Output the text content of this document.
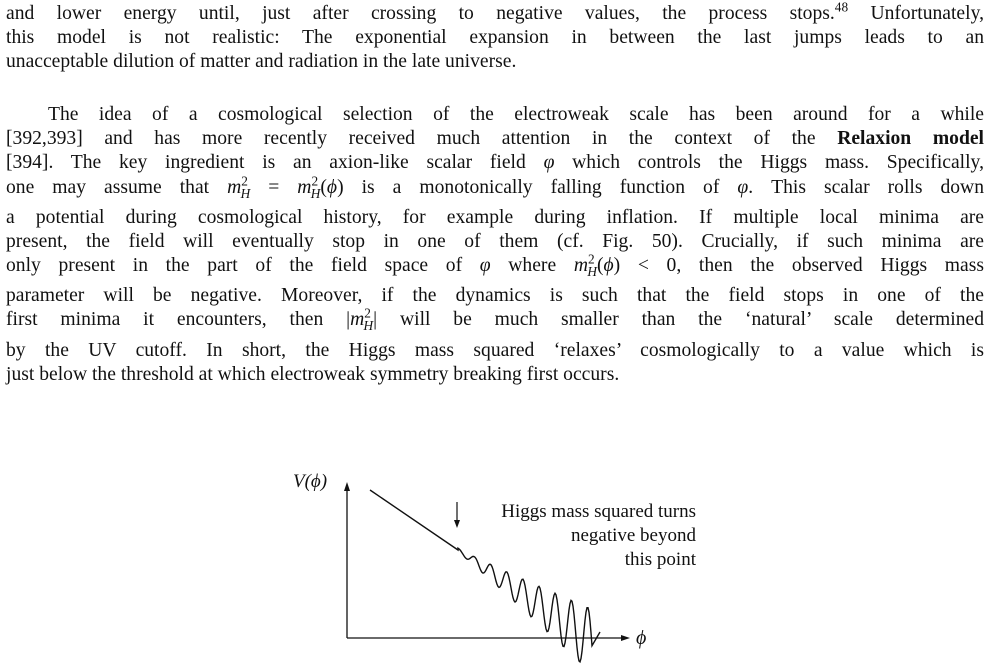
and lower energy until, just after crossing to negative values, the process stops.$^{48}$ Unfortunately,
this model is not realistic: The exponential expansion in between the last jumps leads to an
unacceptable dilution of matter and radiation in the late universe.
The idea of a cosmological selection of the electroweak scale has been around for a while
[392,393] and has more recently received much attention in the context of the Relaxion model
[394]. The key ingredient is an axion-like scalar field φ which controls the Higgs mass. Specifically,
one may assume that $m^2_H = m^2_H(\phi)$ is a monotonically falling function of φ. This scalar rolls down
a potential during cosmological history, for example during inflation. If multiple local minima are
present, the field will eventually stop in one of them (cf. Fig. 50). Crucially, if such minima are
only present in the part of the field space of φ where $m^2_H(\phi) < 0$, then the observed Higgs mass
parameter will be negative. Moreover, if the dynamics is such that the field stops in one of the
first minima it encounters, then $|m^2_H|$ will be much smaller than the ‘natural’ scale determined
by the UV cutoff. In short, the Higgs mass squared ‘relaxes’ cosmologically to a value which is
just below the threshold at which electroweak symmetry breaking first occurs.
V(ϕ)
ϕ
Higgs mass squared turns
negative beyond
this point
